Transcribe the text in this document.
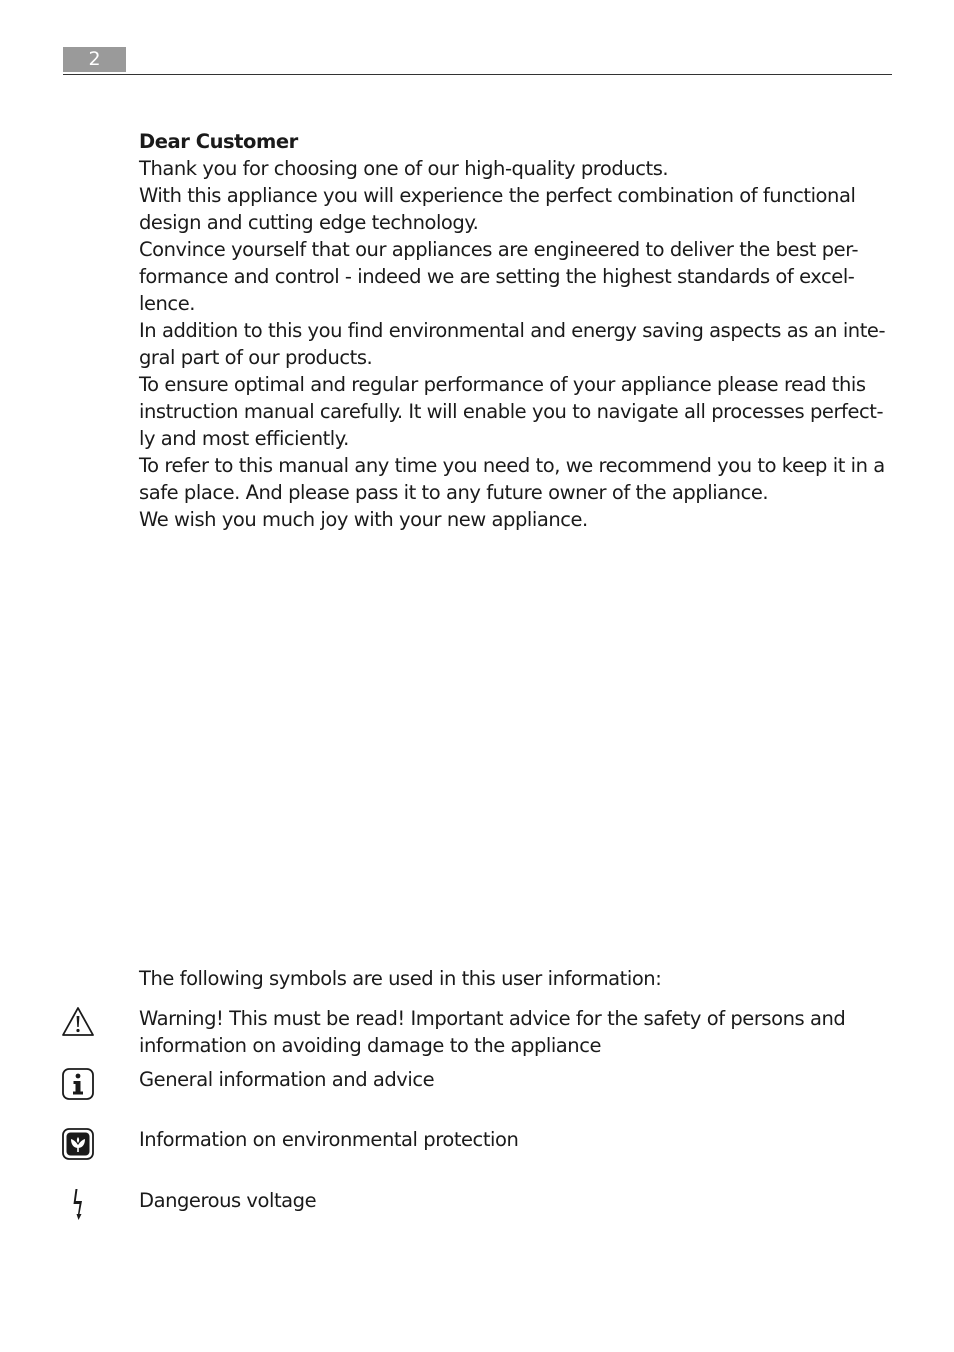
2
Dear Customer
Thank you for choosing one of our high-quality products.
With this appliance you will experience the perfect combination of functional
design and cutting edge technology.
Convince yourself that our appliances are engineered to deliver the best per-
formance and control - indeed we are setting the highest standards of excel-
lence.
In addition to this you find environmental and energy saving aspects as an inte-
gral part of our products.
To ensure optimal and regular performance of your appliance please read this
instruction manual carefully. It will enable you to navigate all processes perfect-
ly and most efficiently.
To refer to this manual any time you need to, we recommend you to keep it in a
safe place. And please pass it to any future owner of the appliance.
We wish you much joy with your new appliance.
The following symbols are used in this user information:
Warning! This must be read! Important advice for the safety of persons and
information on avoiding damage to the appliance
General information and advice
Information on environmental protection
Dangerous voltage
